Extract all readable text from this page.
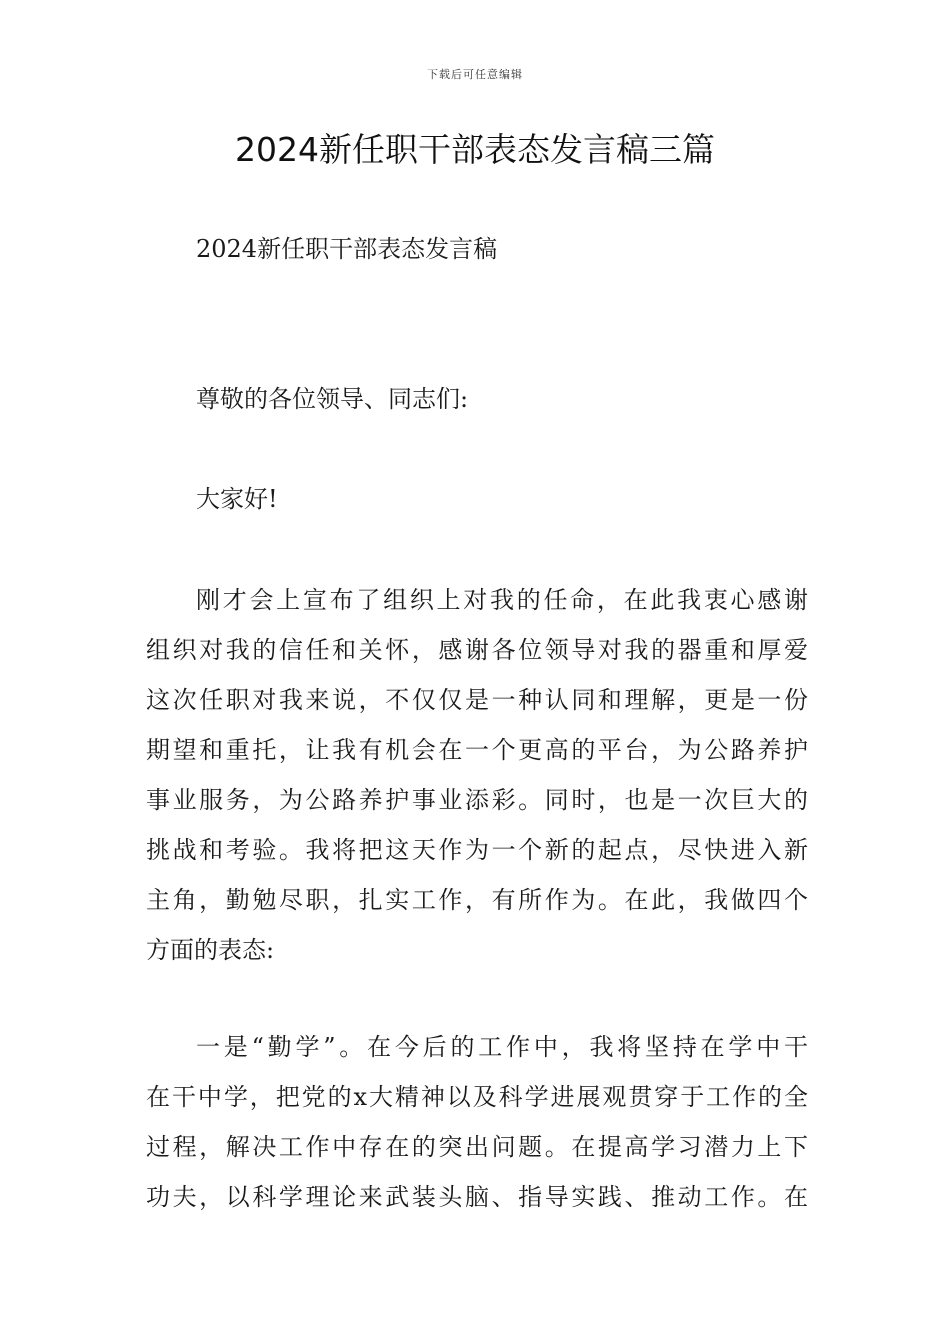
下载后可任意编辑
2024新任职干部表态发言稿三篇

2024新任职干部表态发言稿

尊敬的各位领导、同志们:

大家好!

刚才会上宣布了组织上对我的任命，在此我衷心感谢
组织对我的信任和关怀，感谢各位领导对我的器重和厚爱
这次任职对我来说，不仅仅是一种认同和理解，更是一份
期望和重托，让我有机会在一个更高的平台，为公路养护
事业服务，为公路养护事业添彩。同时，也是一次巨大的
挑战和考验。我将把这天作为一个新的起点，尽快进入新
主角，勤勉尽职，扎实工作，有所作为。在此，我做四个
方面的表态:
一是“勤学”。在今后的工作中，我将坚持在学中干
在干中学，把党的x大精神以及科学进展观贯穿于工作的全
过程，解决工作中存在的突出问题。在提高学习潜力上下
功夫，以科学理论来武装头脑、指导实践、推动工作。在
